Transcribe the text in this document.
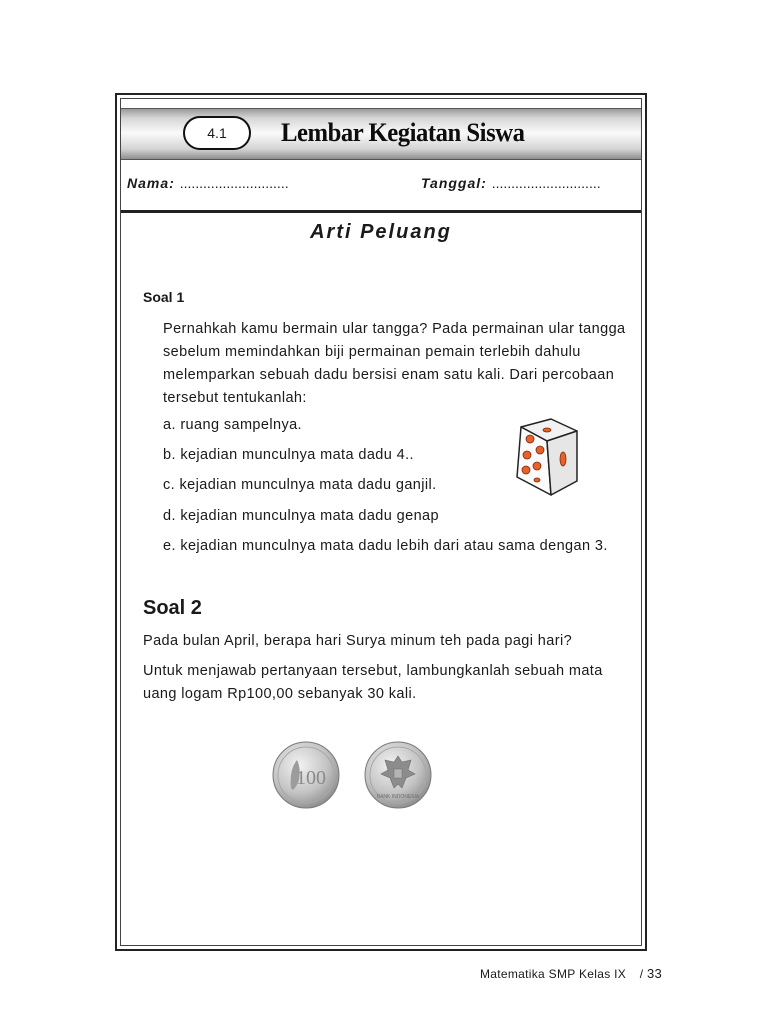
4.1	Lembar Kegiatan Siswa
Nama: ............................	Tanggal: ............................
Arti Peluang
Soal 1
Pernahkah kamu bermain ular tangga? Pada permainan ular tangga
sebelum memindahkan biji permainan pemain terlebih dahulu
melemparkan sebuah dadu bersisi enam satu kali. Dari percobaan
tersebut tentukanlah:
a. ruang sampelnya.
b. kejadian munculnya mata dadu 4..
c. kejadian munculnya mata dadu ganjil.
d. kejadian munculnya mata dadu genap
e. kejadian munculnya mata dadu lebih dari atau sama dengan 3.
Soal 2
Pada bulan April, berapa hari Surya minum teh pada pagi hari?
Untuk menjawab pertanyaan tersebut, lambungkanlah sebuah mata
uang logam Rp100,00 sebanyak 30 kali.
100
BANK INDONESIA
Matematika SMP Kelas IX / 33
